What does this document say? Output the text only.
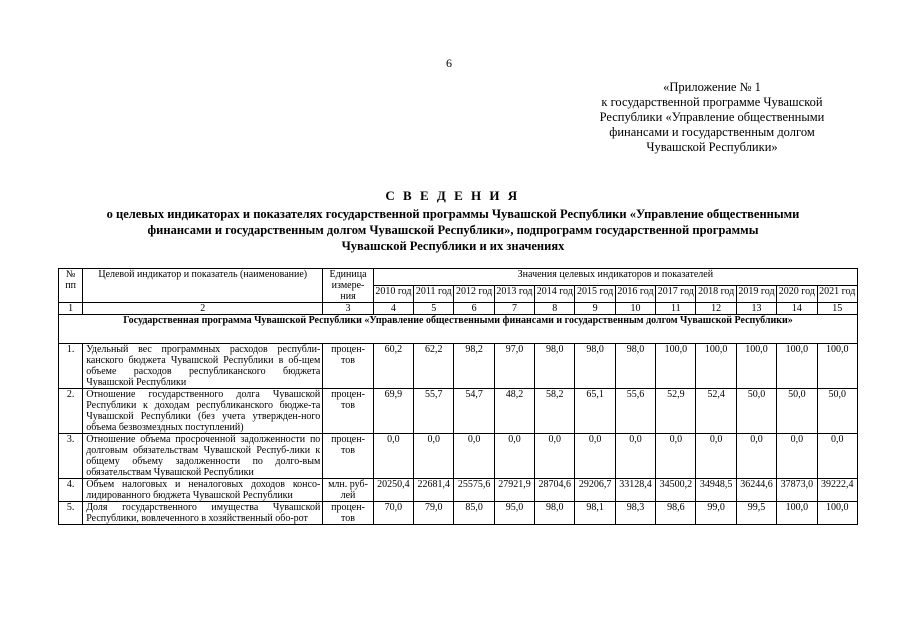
6
«Приложение № 1
к государственной программе Чувашской
Республики «Управление общественными
финансами и государственным долгом
Чувашской Республики»
С В Е Д Е Н И Я
о целевых индикаторах и показателях государственной программы Чувашской Республики «Управление общественными
финансами и государственным долгом Чувашской Республики», подпрограмм государственной программы
Чувашской Республики и их значениях
№ пп	Целевой индикатор и показатель (наименование)	Единица измере-ния	Значения целевых индикаторов и показателей											
			2010 год	2011 год	2012 год	2013 год	2014 год	2015 год	2016 год	2017 год	2018 год	2019 год	2020 год	2021 год
1	2	3	4	5	6	7	8	9	10	11	12	13	14	15
Государственная программа Чувашской Республики «Управление общественными финансами и государственным долгом Чувашской Республики»														
1.	Удельный вес программных расходов республи-канского бюджета Чувашской Республики в об-щем объеме расходов республиканского бюджета Чувашской Республики	процен-тов	60,2	62,2	98,2	97,0	98,0	98,0	98,0	100,0	100,0	100,0	100,0	100,0
2.	Отношение государственного долга Чувашской Республики к доходам республиканского бюдже-та Чувашской Республики (без учета утвержден-ного объема безвозмездных поступлений)	процен-тов	69,9	55,7	54,7	48,2	58,2	65,1	55,6	52,9	52,4	50,0	50,0	50,0
3.	Отношение объема просроченной задолженности по долговым обязательствам Чувашской Респуб-лики к общему объему задолженности по долго-вым обязательствам Чувашской Республики	процен-тов	0,0	0,0	0,0	0,0	0,0	0,0	0,0	0,0	0,0	0,0	0,0	0,0
4.	Объем налоговых и неналоговых доходов консо-лидированного бюджета Чувашской Республики	млн. руб-лей	20250,4	22681,4	25575,6	27921,9	28704,6	29206,7	33128,4	34500,2	34948,5	36244,6	37873,0	39222,4
5.	Доля государственного имущества Чувашской Республики, вовлеченного в хозяйственный обо-рот	процен-тов	70,0	79,0	85,0	95,0	98,0	98,1	98,3	98,6	99,0	99,5	100,0	100,0
